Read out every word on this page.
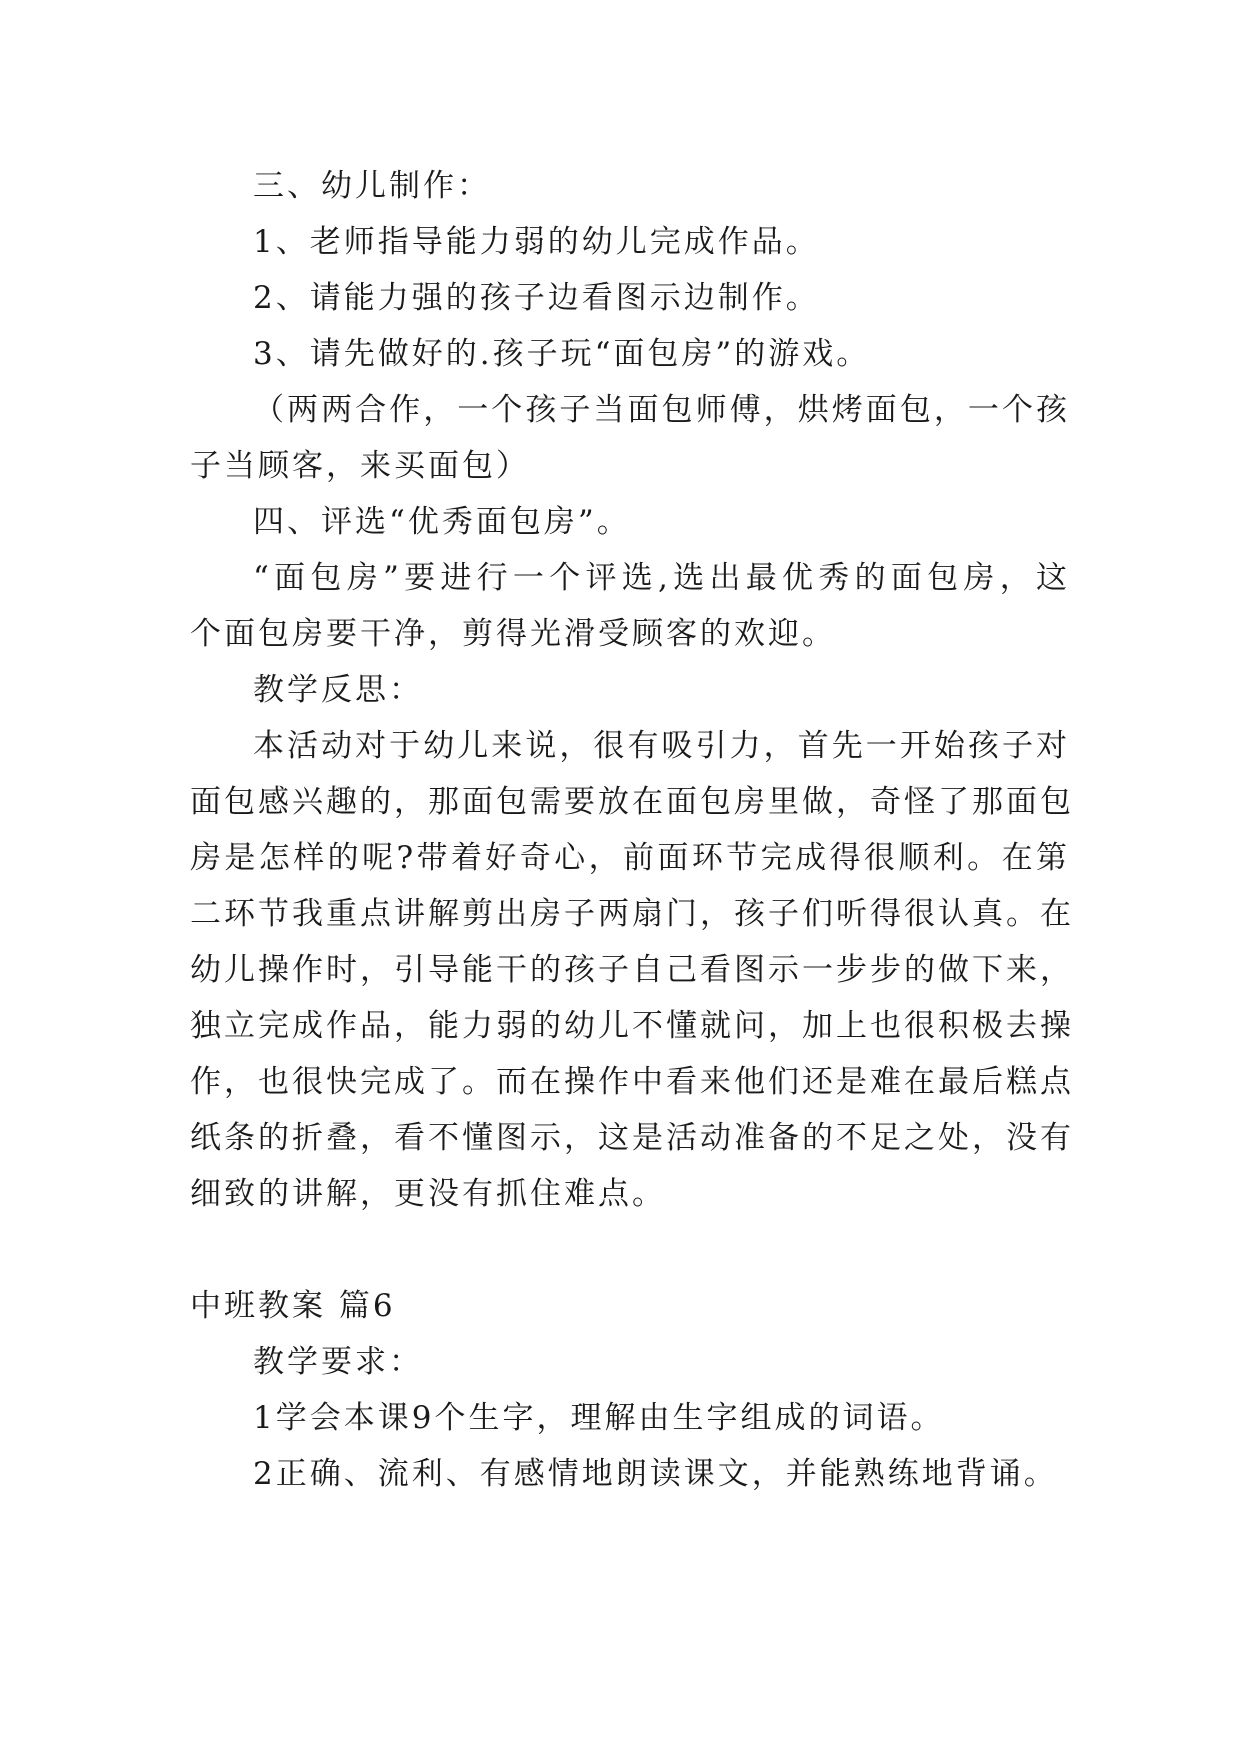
三、幼儿制作：
1、老师指导能力弱的幼儿完成作品。
2、请能力强的孩子边看图示边制作。
3、请先做好的.孩子玩“面包房”的游戏。
（两两合作，一个孩子当面包师傅，烘烤面包，一个孩
子当顾客，来买面包）
四、评选“优秀面包房”。
“面包房”要进行一个评选,选出最优秀的面包房，这
个面包房要干净，剪得光滑受顾客的欢迎。
教学反思：
本活动对于幼儿来说，很有吸引力，首先一开始孩子对
面包感兴趣的，那面包需要放在面包房里做，奇怪了那面包
房是怎样的呢?带着好奇心，前面环节完成得很顺利。在第
二环节我重点讲解剪出房子两扇门，孩子们听得很认真。在
幼儿操作时，引导能干的孩子自己看图示一步步的做下来，
独立完成作品，能力弱的幼儿不懂就问，加上也很积极去操
作，也很快完成了。而在操作中看来他们还是难在最后糕点
纸条的折叠，看不懂图示，这是活动准备的不足之处，没有
细致的讲解，更没有抓住难点。
中班教案 篇6
教学要求：
1学会本课9个生字，理解由生字组成的词语。
2正确、流利、有感情地朗读课文，并能熟练地背诵。
